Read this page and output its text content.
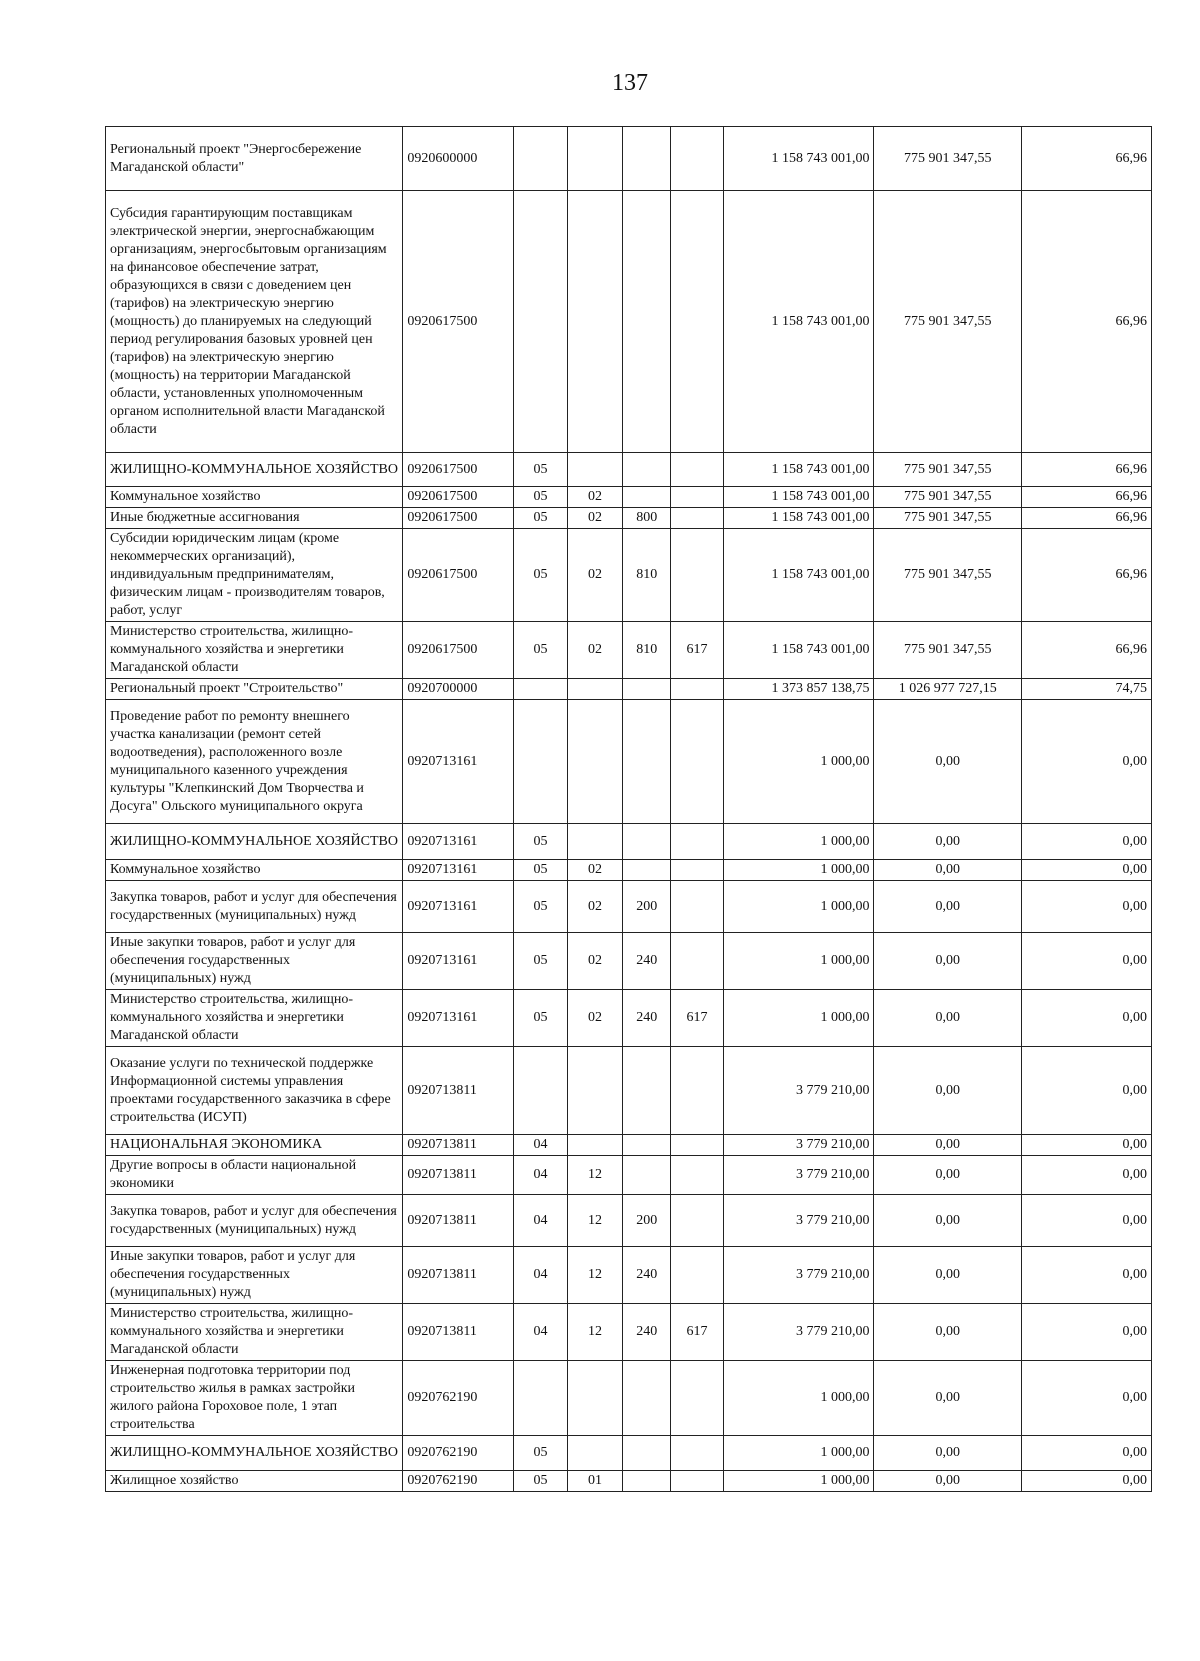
137
Региональный проект "Энергосбережение Магаданской области"	0920600000					1 158 743 001,00	775 901 347,55	66,96
Субсидия гарантирующим поставщикам электрической энергии, энергоснабжающим организациям, энергосбытовым организациям на финансовое обеспечение затрат, образующихся в связи с доведением цен (тарифов) на электрическую энергию (мощность) до планируемых на следующий период регулирования базовых уровней цен (тарифов) на электрическую энергию (мощность) на территории Магаданской области, установленных уполномоченным органом исполнительной власти Магаданской области	0920617500					1 158 743 001,00	775 901 347,55	66,96
ЖИЛИЩНО-КОММУНАЛЬНОЕ ХОЗЯЙСТВО	0920617500	05				1 158 743 001,00	775 901 347,55	66,96
Коммунальное хозяйство	0920617500	05	02			1 158 743 001,00	775 901 347,55	66,96
Иные бюджетные ассигнования	0920617500	05	02	800		1 158 743 001,00	775 901 347,55	66,96
Субсидии юридическим лицам (кроме некоммерческих организаций), индивидуальным предпринимателям, физическим лицам - производителям товаров, работ, услуг	0920617500	05	02	810		1 158 743 001,00	775 901 347,55	66,96
Министерство строительства, жилищно-коммунального хозяйства и энергетики Магаданской области	0920617500	05	02	810	617	1 158 743 001,00	775 901 347,55	66,96
Региональный проект "Строительство"	0920700000					1 373 857 138,75	1 026 977 727,15	74,75
Проведение работ по ремонту внешнего участка канализации (ремонт сетей водоотведения), расположенного возле муниципального казенного учреждения культуры "Клепкинский Дом Творчества и Досуга" Ольского муниципального округа	0920713161					1 000,00	0,00	0,00
ЖИЛИЩНО-КОММУНАЛЬНОЕ ХОЗЯЙСТВО	0920713161	05				1 000,00	0,00	0,00
Коммунальное хозяйство	0920713161	05	02			1 000,00	0,00	0,00
Закупка товаров, работ и услуг для обеспечения государственных (муниципальных) нужд	0920713161	05	02	200		1 000,00	0,00	0,00
Иные закупки товаров, работ и услуг для обеспечения государственных (муниципальных) нужд	0920713161	05	02	240		1 000,00	0,00	0,00
Министерство строительства, жилищно-коммунального хозяйства и энергетики Магаданской области	0920713161	05	02	240	617	1 000,00	0,00	0,00
Оказание услуги по технической поддержке Информационной системы управления проектами государственного заказчика в сфере строительства (ИСУП)	0920713811					3 779 210,00	0,00	0,00
НАЦИОНАЛЬНАЯ ЭКОНОМИКА	0920713811	04				3 779 210,00	0,00	0,00
Другие вопросы в области национальной экономики	0920713811	04	12			3 779 210,00	0,00	0,00
Закупка товаров, работ и услуг для обеспечения государственных (муниципальных) нужд	0920713811	04	12	200		3 779 210,00	0,00	0,00
Иные закупки товаров, работ и услуг для обеспечения государственных (муниципальных) нужд	0920713811	04	12	240		3 779 210,00	0,00	0,00
Министерство строительства, жилищно-коммунального хозяйства и энергетики Магаданской области	0920713811	04	12	240	617	3 779 210,00	0,00	0,00
Инженерная подготовка территории под строительство жилья в рамках застройки жилого района Гороховое поле, 1 этап строительства	0920762190					1 000,00	0,00	0,00
ЖИЛИЩНО-КОММУНАЛЬНОЕ ХОЗЯЙСТВО	0920762190	05				1 000,00	0,00	0,00
Жилищное хозяйство	0920762190	05	01			1 000,00	0,00	0,00
